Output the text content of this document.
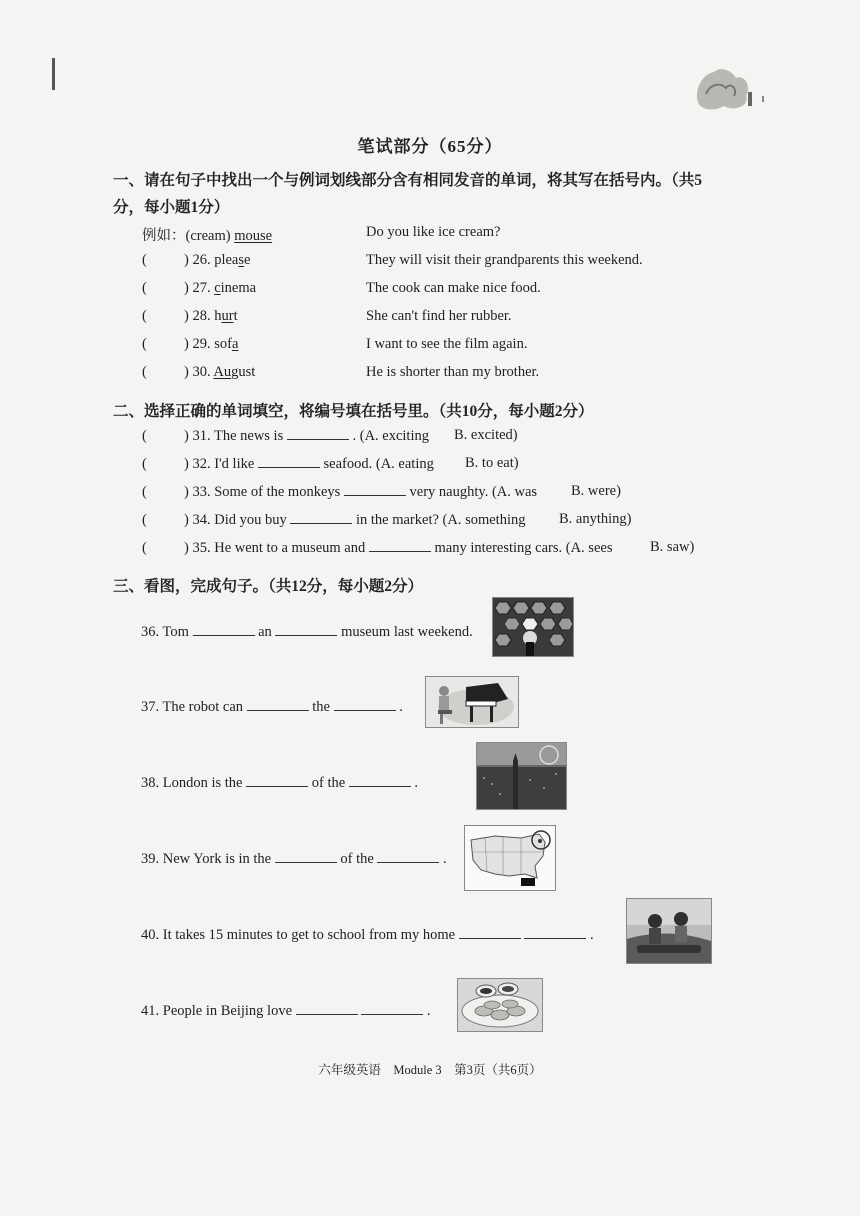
笔试部分（65分）
一、请在句子中找出一个与例词划线部分含有相同发音的单词，将其写在括号内。（共5
分，每小题1分）
例如：(cream) mouse	Do you like ice cream?
(	) 26. please	They will visit their grandparents this weekend.
(	) 27. cinema	The cook can make nice food.
(	) 28. hurt	She can't find her rubber.
(	) 29. sofa	I want to see the film again.
(	) 30. August	He is shorter than my brother.
二、选择正确的单词填空，将编号填在括号里。（共10分，每小题2分）
(	) 31. The news is	. (A. exciting B. excited)
(	) 32. I'd like	seafood. (A. eating B. to eat)
(	) 33. Some of the monkeys	very naughty. (A. was B. were)
(	) 34. Did you buy	in the market? (A. something B. anything)
(	) 35. He went to a museum and	many interesting cars. (A. sees	B. saw)
三、看图，完成句子。（共12分，每小题2分）
36. Tom	an	museum last weekend.
37. The robot can	the	.
38. London is the	of the	.
39. New York is in the	of the	.
40. It takes 15 minutes to get to school from my home	.
41. People in Beijing love	.
六年级英语　Module 3　第3页（共6页）
